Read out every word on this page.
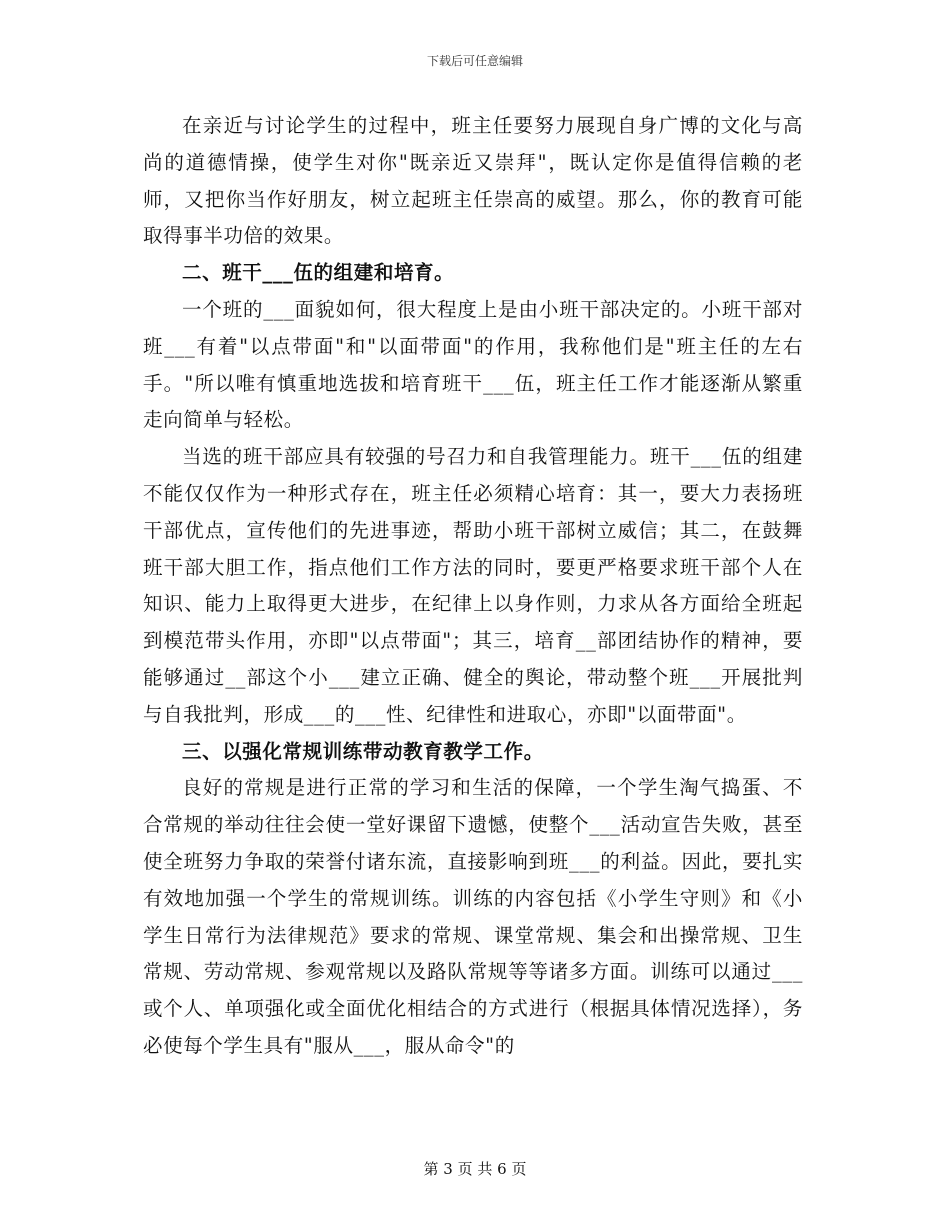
下载后可任意编辑

在亲近与讨论学生的过程中，班主任要努力展现自身广博的文化与高尚的道德情操，使学生对你"既亲近又崇拜"，既认定你是值得信赖的老师，又把你当作好朋友，树立起班主任崇高的威望。那么，你的教育可能取得事半功倍的效果。

二、班干___伍的组建和培育。

一个班的___面貌如何，很大程度上是由小班干部决定的。小班干部对班___有着"以点带面"和"以面带面"的作用，我称他们是"班主任的左右手。"所以唯有慎重地选拔和培育班干___伍，班主任工作才能逐渐从繁重走向简单与轻松。

当选的班干部应具有较强的号召力和自我管理能力。班干___伍的组建不能仅仅作为一种形式存在，班主任必须精心培育：其一，要大力表扬班干部优点，宣传他们的先进事迹，帮助小班干部树立威信；其二，在鼓舞班干部大胆工作，指点他们工作方法的同时，要更严格要求班干部个人在知识、能力上取得更大进步，在纪律上以身作则，力求从各方面给全班起到模范带头作用，亦即"以点带面"；其三，培育__部团结协作的精神，要能够通过__部这个小___建立正确、健全的舆论，带动整个班___开展批判与自我批判，形成___的___性、纪律性和进取心，亦即"以面带面"。

三、以强化常规训练带动教育教学工作。

良好的常规是进行正常的学习和生活的保障，一个学生淘气捣蛋、不合常规的举动往往会使一堂好课留下遗憾，使整个___活动宣告失败，甚至使全班努力争取的荣誉付诸东流，直接影响到班___的利益。因此，要扎实有效地加强一个学生的常规训练。训练的内容包括《小学生守则》和《小学生日常行为法律规范》要求的常规、课堂常规、集会和出操常规、卫生常规、劳动常规、参观常规以及路队常规等等诸多方面。训练可以通过___或个人、单项强化或全面优化相结合的方式进行（根据具体情况选择），务必使每个学生具有"服从___，服从命令"的

第 3 页 共 6 页
